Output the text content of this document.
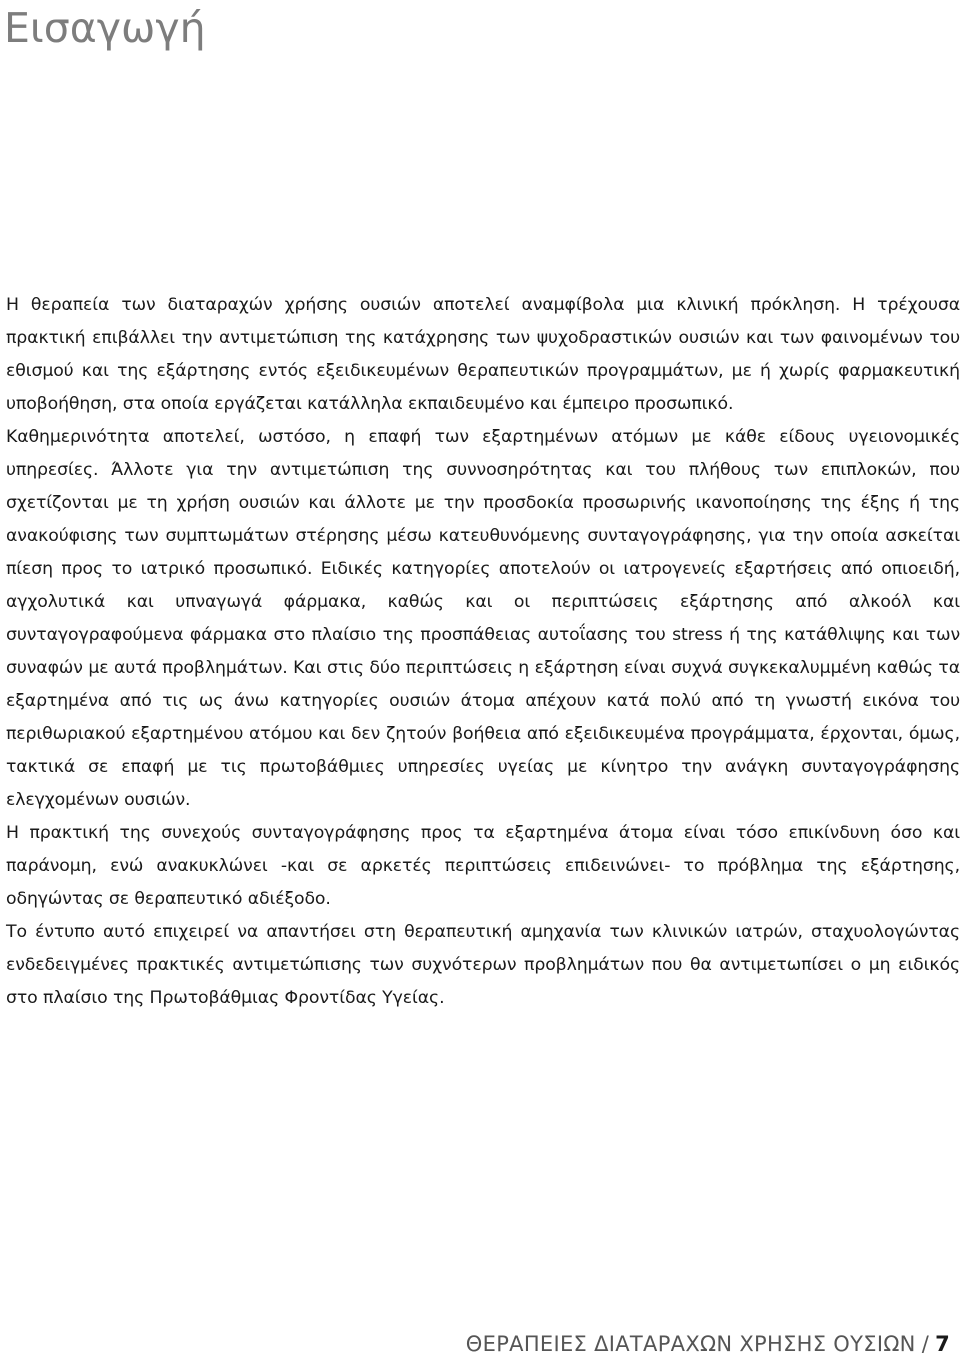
Εισαγωγή

Η θεραπεία των διαταραχών χρήσης ουσιών αποτελεί αναμφίβολα μια κλινική πρόκληση. Η τρέχουσα πρακτική επιβάλλει την αντιμετώπιση της κατάχρησης των ψυχοδραστικών ουσιών και των φαινομένων του εθισμού και της εξάρτησης εντός εξειδικευμένων θεραπευτικών προγραμμάτων, με ή χωρίς φαρμακευτική υποβοήθηση, στα οποία εργάζεται κατάλληλα εκπαιδευμένο και έμπειρο προσωπικό.

Καθημερινότητα αποτελεί, ωστόσο, η επαφή των εξαρτημένων ατόμων με κάθε είδους υγειονομικές υπηρεσίες. Άλλοτε για την αντιμετώπιση της συννοσηρότητας και του πλήθους των επιπλοκών, που σχετίζονται με τη χρήση ουσιών και άλλοτε με την προσδοκία προσωρινής ικανοποίησης της έξης ή της ανακούφισης των συμπτωμάτων στέρησης μέσω κατευθυνόμενης συνταγογράφησης, για την οποία ασκείται πίεση προς το ιατρικό προσωπικό. Ειδικές κατηγορίες αποτελούν οι ιατρογενείς εξαρτήσεις από οπιοειδή, αγχολυτικά και υπναγωγά φάρμακα, καθώς και οι περιπτώσεις εξάρτησης από αλκοόλ και συνταγογραφούμενα φάρμακα στο πλαίσιο της προσπάθειας αυτοΐασης του stress ή της κατάθλιψης και των συναφών με αυτά προβλημάτων. Και στις δύο περιπτώσεις η εξάρτηση είναι συχνά συγκεκαλυμμένη καθώς τα εξαρτημένα από τις ως άνω κατηγορίες ουσιών άτομα απέχουν κατά πολύ από τη γνωστή εικόνα του περιθωριακού εξαρτημένου ατόμου και δεν ζητούν βοήθεια από εξειδικευμένα προγράμματα, έρχονται, όμως, τακτικά σε επαφή με τις πρωτοβάθμιες υπηρεσίες υγείας με κίνητρο την ανάγκη συνταγογράφησης ελεγχομένων ουσιών.

Η πρακτική της συνεχούς συνταγογράφησης προς τα εξαρτημένα άτομα είναι τόσο επικίνδυνη όσο και παράνομη, ενώ ανακυκλώνει -και σε αρκετές περιπτώσεις επιδεινώνει- το πρόβλημα της εξάρτησης, οδηγώντας σε θεραπευτικό αδιέξοδο.

Το έντυπο αυτό επιχειρεί να απαντήσει στη θεραπευτική αμηχανία των κλινικών ιατρών, σταχυολογώντας ενδεδειγμένες πρακτικές αντιμετώπισης των συχνότερων προβλημάτων που θα αντιμετωπίσει ο μη ειδικός στο πλαίσιο της Πρωτοβάθμιας Φροντίδας Υγείας.

ΘΕΡΑΠΕΙΕΣ ΔΙΑΤΑΡΑΧΩΝ ΧΡΗΣΗΣ ΟΥΣΙΩΝ / 7
